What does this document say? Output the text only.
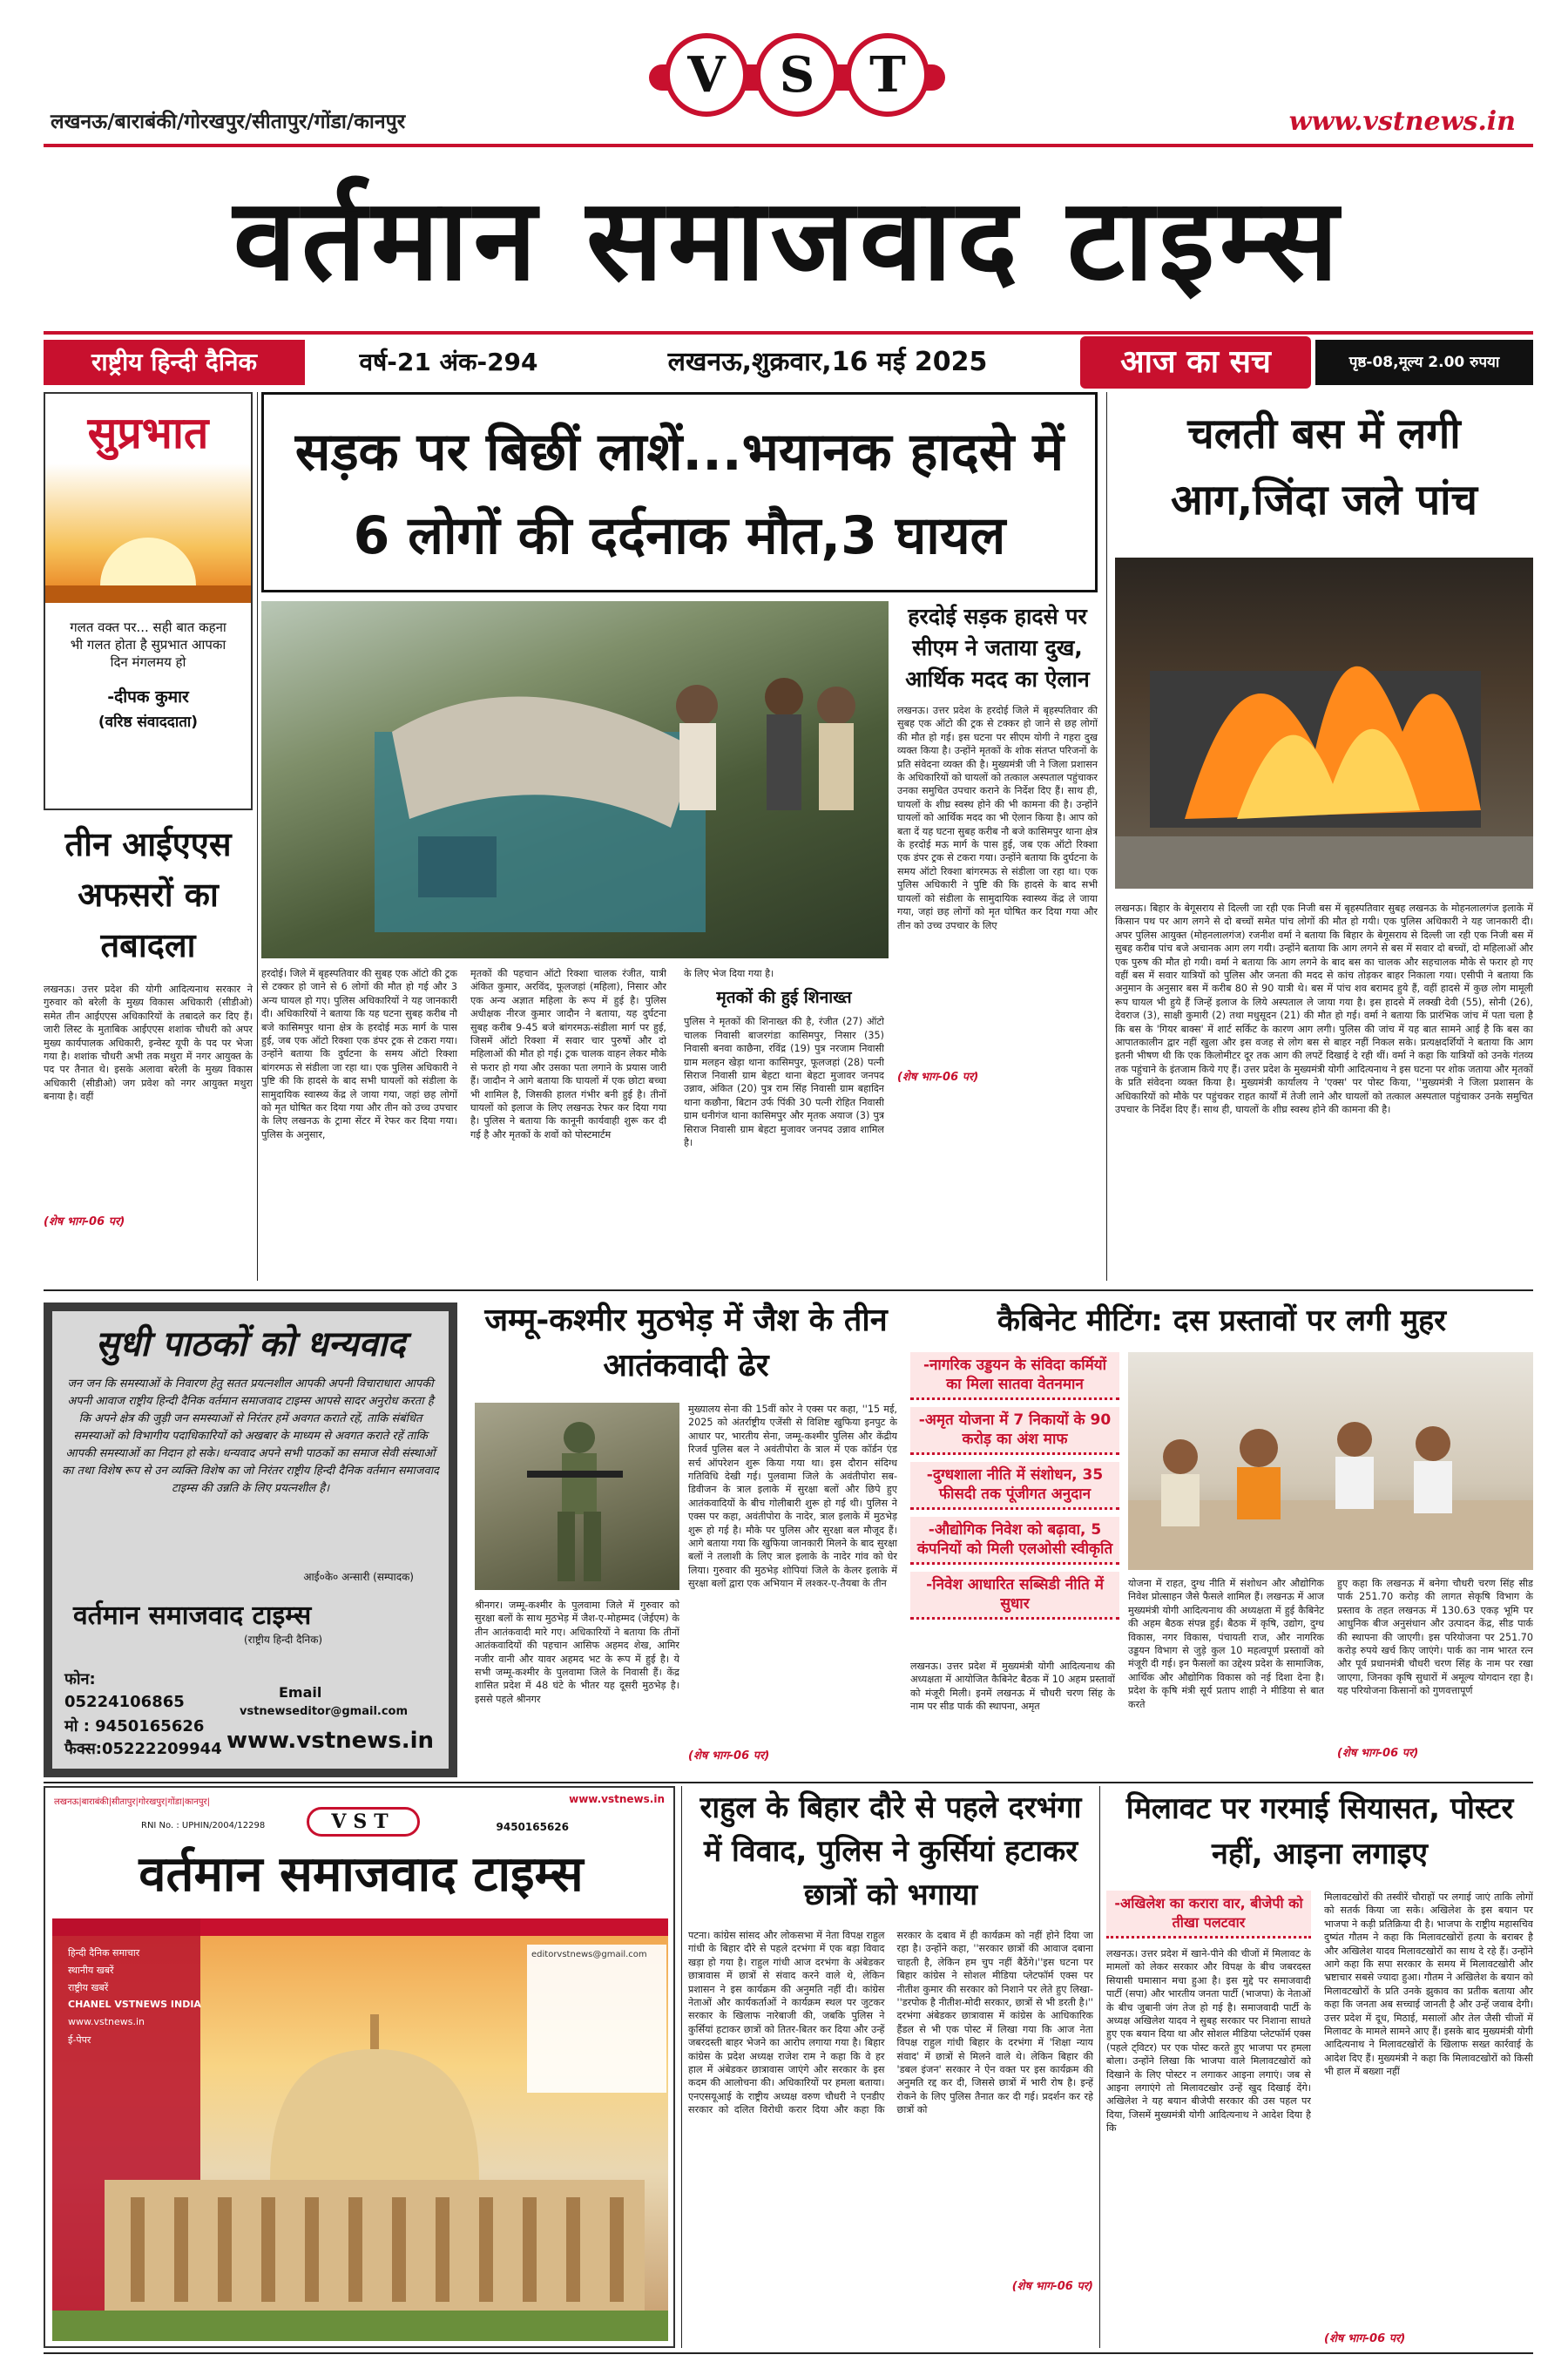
V	S	T
लखनऊ/बाराबंकी/गोरखपुर/सीतापुर/गोंडा/कानपुर	www.vstnews.in
वर्तमान समाजवाद टाइम्स
राष्ट्रीय हिन्दी दैनिक	वर्ष-21 अंक-294	लखनऊ,शुक्रवार,16 मई 2025	आज का सच	पृष्ठ-08,मूल्य 2.00 रुपया
सुप्रभात
गलत वक्त पर... सही बात कहना भी गलत होता है सुप्रभात आपका दिन मंगलमय हो
-दीपक कुमार
(वरिष्ठ संवाददाता)
तीन आईएएस अफसरों का तबादला
लखनऊ। उत्तर प्रदेश की योगी आदित्यनाथ सरकार ने गुरुवार को बरेली के मुख्य विकास अधिकारी (सीडीओ) समेत तीन आईएएस अधिकारियों के तबादले कर दिए हैं। जारी लिस्ट के मुताबिक आईएएस शशांक चौधरी को अपर मुख्य कार्यपालक अधिकारी, इन्वेस्ट यूपी के पद पर भेजा गया है। शशांक चौधरी अभी तक मथुरा में नगर आयुक्त के पद पर तैनात थे। इसके अलावा बरेली के मुख्य विकास अधिकारी (सीडीओ) जग प्रवेश को नगर आयुक्त मथुरा बनाया है। वहीं
(शेष भाग-06 पर)
सड़क पर बिछीं लाशें...भयानक हादसे में 6 लोगों की दर्दनाक मौत,3 घायल
हरदोई सड़क हादसे पर सीएम ने जताया दुख, आर्थिक मदद का ऐलान
लखनऊ। उत्तर प्रदेश के हरदोई जिले में बृहस्पतिवार की सुबह एक ऑटो की ट्रक से टक्कर हो जाने से छह लोगों की मौत हो गई। इस घटना पर सीएम योगी ने गहरा दुख व्यक्त किया है। उन्होंने मृतकों के शोक संतप्त परिजनों के प्रति संवेदना व्यक्त की है। मुख्यमंत्री जी ने जिला प्रशासन के अधिकारियों को घायलों को तत्काल अस्पताल पहुंचाकर उनका समुचित उपचार कराने के निर्देश दिए हैं। साथ ही, घायलों के शीघ्र स्वस्थ होने की भी कामना की है। उन्होंने घायलों को आर्थिक मदद का भी ऐलान किया है। आप को बता दें यह घटना सुबह करीब नौ बजे कासिमपुर थाना क्षेत्र के हरदोई मऊ मार्ग के पास हुई, जब एक ऑटो रिक्शा एक डंपर ट्रक से टकरा गया। उन्होंने बताया कि दुर्घटना के समय ऑटो रिक्शा बांगरमऊ से संडीला जा रहा था। एक पुलिस अधिकारी ने पुष्टि की कि हादसे के बाद सभी घायलों को संडीला के सामुदायिक स्वास्थ्य केंद्र ले जाया गया, जहां छह लोगों को मृत घोषित कर दिया गया और तीन को उच्च उपचार के लिए
(शेष भाग-06 पर)
हरदोई। जिले में बृहस्पतिवार की सुबह एक ऑटो की ट्रक से टक्कर हो जाने से 6 लोगों की मौत हो गई और 3 अन्य घायल हो गए। पुलिस अधिकारियों ने यह जानकारी दी। अधिकारियों ने बताया कि यह घटना सुबह करीब नौ बजे कासिमपुर थाना क्षेत्र के हरदोई मऊ मार्ग के पास हुई, जब एक ऑटो रिक्शा एक डंपर ट्रक से टकरा गया। उन्होंने बताया कि दुर्घटना के समय ऑटो रिक्शा बांगरमऊ से संडीला जा रहा था। एक पुलिस अधिकारी ने पुष्टि की कि हादसे के बाद सभी घायलों को संडीला के सामुदायिक स्वास्थ्य केंद्र ले जाया गया, जहां छह लोगों को मृत घोषित कर दिया गया और तीन को उच्च उपचार के लिए लखनऊ के ट्रामा सेंटर में रेफर कर दिया गया। पुलिस के अनुसार,
मृतकों की पहचान ऑटो रिक्शा चालक रंजीत, यात्री अंकित कुमार, अरविंद, फूलजहां (महिला), निसार और एक अन्य अज्ञात महिला के रूप में हुई है। पुलिस अधीक्षक नीरज कुमार जादौन ने बताया, यह दुर्घटना सुबह करीब 9-45 बजे बांगरमऊ-संडीला मार्ग पर हुई, जिसमें ऑटो रिक्शा में सवार चार पुरुषों और दो महिलाओं की मौत हो गई। ट्रक चालक वाहन लेकर मौके से फरार हो गया और उसका पता लगाने के प्रयास जारी हैं। जादौन ने आगे बताया कि घायलों में एक छोटा बच्चा भी शामिल है, जिसकी हालत गंभीर बनी हुई है। तीनों घायलों को इलाज के लिए लखनऊ रेफर कर दिया गया है। पुलिस ने बताया कि कानूनी कार्यवाही शुरू कर दी गई है और मृतकों के शवों को पोस्टमार्टम
के लिए भेज दिया गया है।
मृतकों की हुई शिनाख्त
पुलिस ने मृतकों की शिनाख्त की है, रंजीत (27) ऑटो चालक निवासी बाजरगंडा कासिमपुर, निसार (35) निवासी बनवा काछैना, रविंद्र (19) पुत्र नरजाम निवासी ग्राम मलहन खेड़ा थाना कासिमपुर, फूलजहां (28) पत्नी सिराज निवासी ग्राम बेहटा थाना बेहटा मुजावर जनपद उन्नाव, अंकित (20) पुत्र राम सिंह निवासी ग्राम बहादिन थाना कछौना, बिटान उर्फ पिंकी 30 पत्नी रोहित निवासी ग्राम धनीगंज थाना कासिमपुर और मृतक अयाज (3) पुत्र सिराज निवासी ग्राम बेहटा मुजावर जनपद उन्नाव शामिल है।
चलती बस में लगी आग,जिंदा जले पांच
लखनऊ। बिहार के बेगूसराय से दिल्ली जा रही एक निजी बस में बृहस्पतिवार सुबह लखनऊ के मोहनलालगंज इलाके में किसान पथ पर आग लगने से दो बच्चों समेत पांच लोगों की मौत हो गयी। एक पुलिस अधिकारी ने यह जानकारी दी। अपर पुलिस आयुक्त (मोहनलालगंज) रजनीश वर्मा ने बताया कि बिहार के बेगूसराय से दिल्ली जा रही एक निजी बस में सुबह करीब पांच बजे अचानक आग लग गयी। उन्होंने बताया कि आग लगने से बस में सवार दो बच्चों, दो महिलाओं और एक पुरुष की मौत हो गयी। वर्मा ने बताया कि आग लगने के बाद बस का चालक और सहचालक मौके से फरार हो गए वहीं बस में सवार यात्रियों को पुलिस और जनता की मदद से कांच तोड़कर बाहर निकाला गया। एसीपी ने बताया कि अनुमान के अनुसार बस में करीब 80 से 90 यात्री थे। बस में पांच शव बरामद हुये हैं, वहीं हादसे में कुछ लोग मामूली रूप घायल भी हुये हैं जिन्हें इलाज के लिये अस्पताल ले जाया गया है। इस हादसे में लक्खी देवी (55), सोनी (26), देवराज (3), साक्षी कुमारी (2) तथा मधुसूदन (21) की मौत हो गई। वर्मा ने बताया कि प्रारंभिक जांच में पता चला है कि बस के 'गियर बाक्स' में शार्ट सर्किट के कारण आग लगी। पुलिस की जांच में यह बात सामने आई है कि बस का आपातकालीन द्वार नहीं खुला और इस वजह से लोग बस से बाहर नहीं निकल सके। प्रत्यक्षदर्शियों ने बताया कि आग इतनी भीषण थी कि एक किलोमीटर दूर तक आग की लपटें दिखाई दे रही थीं। वर्मा ने कहा कि यात्रियों को उनके गंतव्य तक पहुंचाने के इंतजाम किये गए हैं। उत्तर प्रदेश के मुख्यमंत्री योगी आदित्यनाथ ने इस घटना पर शोक जताया और मृतकों के प्रति संवेदना व्यक्त किया है। मुख्यमंत्री कार्यालय ने 'एक्स' पर पोस्ट किया, ''मुख्यमंत्री ने जिला प्रशासन के अधिकारियों को मौके पर पहुंचकर राहत कार्यों में तेजी लाने और घायलों को तत्काल अस्पताल पहुंचाकर उनके समुचित उपचार के निर्देश दिए हैं। साथ ही, घायलों के शीघ्र स्वस्थ होने की कामना की है।
सुधी पाठकों को धन्यवाद
जन जन कि समस्याओं के निवारण हेतु सतत प्रयत्नशील आपकी अपनी विचाराधारा आपकी अपनी आवाज राष्ट्रीय हिन्दी दैनिक वर्तमान समाजवाद टाइम्स आपसे सादर अनुरोध करता है कि अपने क्षेत्र की जुड़ी जन समस्याओं से निरंतर हमें अवगत कराते रहें, ताकि संबंधित समस्याओं को विभागीय पदाधिकारियों को अखबार के माध्यम से अवगत कराते रहें ताकि आपकी समस्याओं का निदान हो सके। धन्यवाद अपने सभी पाठकों का समाज सेवी संस्थाओं का तथा विशेष रूप से उन व्यक्ति विशेष का जो निरंतर राष्ट्रीय हिन्दी दैनिक वर्तमान समाजवाद टाइम्स की उन्नति के लिए प्रयत्नशील है।
आई०के० अन्सारी (सम्पादक)
वर्तमान समाजवाद टाइम्स
(राष्ट्रीय हिन्दी दैनिक)
फोन:
05224106865
मो : 9450165626
फैक्स:05222209944
Email
vstnewseditor@gmail.com
www.vstnews.in
जम्मू-कश्मीर मुठभेड़ में जैश के तीन आतंकवादी ढेर
मुख्यालय सेना की 15वीं कोर ने एक्स पर कहा, ''15 मई, 2025 को अंतर्राष्ट्रीय एजेंसी से विशिष्ट खुफिया इनपुट के आधार पर, भारतीय सेना, जम्मू-कश्मीर पुलिस और केंद्रीय रिजर्व पुलिस बल ने अवंतीपोरा के त्राल में एक कॉर्डन एंड सर्च ऑपरेशन शुरू किया गया था। इस दौरान संदिग्ध गतिविधि देखी गई। पुलवामा जिले के अवंतीपोरा सब-डिवीजन के त्राल इलाके में सुरक्षा बलों और छिपे हुए आतंकवादियों के बीच गोलीबारी शुरू हो गई थी। पुलिस ने एक्स पर कहा, अवंतीपोरा के नादेर, त्राल इलाके में मुठभेड़ शुरू हो गई है। मौके पर पुलिस और सुरक्षा बल मौजूद हैं। आगे बताया गया कि खुफिया जानकारी मिलने के बाद सुरक्षा बलों ने तलाशी के लिए त्राल इलाके के नादेर गांव को घेर लिया। गुरुवार की मुठभेड़ शोपियां जिले के केलर इलाके में सुरक्षा बलों द्वारा एक अभियान में लश्कर-ए-तैयबा के तीन
श्रीनगर। जम्मू-कश्मीर के पुलवामा जिले में गुरुवार को सुरक्षा बलों के साथ मुठभेड़ में जैश-ए-मोहम्मद (जेईएम) के तीन आतंकवादी मारे गए। अधिकारियों ने बताया कि तीनों आतंकवादियों की पहचान आसिफ अहमद शेख, आमिर नजीर वानी और यावर अहमद भट के रूप में हुई है। ये सभी जम्मू-कश्मीर के पुलवामा जिले के निवासी हैं। केंद्र शासित प्रदेश में 48 घंटे के भीतर यह दूसरी मुठभेड़ है। इससे पहले श्रीनगर
(शेष भाग-06 पर)
कैबिनेट मीटिंग: दस प्रस्तावों पर लगी मुहर
-नागरिक उड्डयन के संविदा कर्मियों का मिला सातवा वेतनमान
-अमृत योजना में 7 निकायों के 90 करोड़ का अंश माफ
-दुग्धशाला नीति में संशोधन, 35 फीसदी तक पूंजीगत अनुदान
-औद्योगिक निवेश को बढ़ावा, 5 कंपनियों को मिली एलओसी स्वीकृति
-निवेश आधारित सब्सिडी नीति में सुधार
लखनऊ। उत्तर प्रदेश में मुख्यमंत्री योगी आदित्यनाथ की अध्यक्षता में आयोजित कैबिनेट बैठक में 10 अहम प्रस्तावों को मंजूरी मिली। इनमें लखनऊ में चौधरी चरण सिंह के नाम पर सीड पार्क की स्थापना, अमृत
योजना में राहत, दुग्ध नीति में संशोधन और औद्योगिक निवेश प्रोत्साहन जैसे फैसले शामिल हैं। लखनऊ में आज मुख्यमंत्री योगी आदित्यनाथ की अध्यक्षता में हुई कैबिनेट की अहम बैठक संपन्न हुई। बैठक में कृषि, उद्योग, दुग्ध विकास, नगर विकास, पंचायती राज, और नागरिक उड्डयन विभाग से जुड़े कुल 10 महत्वपूर्ण प्रस्तावों को मंजूरी दी गई। इन फैसलों का उद्देश्य प्रदेश के सामाजिक, आर्थिक और औद्योगिक विकास को नई दिशा देना है।प्रदेश के कृषि मंत्री सूर्य प्रताप शाही ने मीडिया से बात करते
हुए कहा कि लखनऊ में बनेगा चौधरी चरण सिंह सीड पार्क 251.70 करोड़ की लागत सेकृषि विभाग के प्रस्ताव के तहत लखनऊ में 130.63 एकड़ भूमि पर आधुनिक बीज अनुसंधान और उत्पादन केंद्र, सीड पार्क की स्थापना की जाएगी। इस परियोजना पर 251.70 करोड़ रुपये खर्च किए जाएंगे। पार्क का नाम भारत रत्न और पूर्व प्रधानमंत्री चौधरी चरण सिंह के नाम पर रखा जाएगा, जिनका कृषि सुधारों में अमूल्य योगदान रहा है। यह परियोजना किसानों को गुणवत्तापूर्ण
(शेष भाग-06 पर)
लखनऊ|बाराबंकी|सीतापुर|गोरखपुर|गोंडा|कानपुर|	www.vstnews.in
VST
RNI No. : UPHIN/2004/12298	9450165626
वर्तमान समाजवाद टाइम्स
हिन्दी दैनिक समाचार
स्थानीय खबरें
राष्ट्रीय खबरें
CHANEL VSTNEWS INDIA
www.vstnews.in
ई-पेपर
editorvstnews@gmail.com
राहुल के बिहार दौरे से पहले दरभंगा में विवाद, पुलिस ने कुर्सियां हटाकर छात्रों को भगाया
पटना। कांग्रेस सांसद और लोकसभा में नेता विपक्ष राहुल गांधी के बिहार दौरे से पहले दरभंगा में एक बड़ा विवाद खड़ा हो गया है। राहुल गांधी आज दरभंगा के अंबेडकर छात्रावास में छात्रों से संवाद करने वाले थे, लेकिन प्रशासन ने इस कार्यक्रम की अनुमति नहीं दी। कांग्रेस नेताओं और कार्यकर्ताओं ने कार्यक्रम स्थल पर जुटकर सरकार के खिलाफ नारेबाजी की, जबकि पुलिस ने कुर्सियां हटाकर छात्रों को तितर-बितर कर दिया और उन्हें जबरदस्ती बाहर भेजने का आरोप लगाया गया है। बिहार कांग्रेस के प्रदेश अध्यक्ष राजेश राम ने कहा कि वे हर हाल में अंबेडकर छात्रावास जाएंगे और सरकार के इस कदम की आलोचना की। अधिकारियों पर हमला बताया। एनएसयूआई के राष्ट्रीय अध्यक्ष वरुण चौधरी ने एनडीए सरकार को दलित विरोधी करार दिया और कहा कि सरकार के दबाव में ही कार्यक्रम को नहीं होने दिया जा रहा है। उन्होंने कहा, ''सरकार छात्रों की आवाज दबाना चाहती है, लेकिन हम चुप नहीं बैठेंगे।''इस घटना पर बिहार कांग्रेस ने सोशल मीडिया प्लेटफॉर्म एक्स पर नीतीश कुमार की सरकार को निशाने पर लेते हुए लिखा- ''डरपोक है नीतीश-मोदी सरकार, छात्रों से भी डरती है।'' दरभंगा अंबेडकर छात्रावास में कांग्रेस के आधिकारिक हैंडल से भी एक पोस्ट में लिखा गया कि आज नेता विपक्ष राहुल गांधी बिहार के दरभंगा में 'शिक्षा न्याय संवाद' में छात्रों से मिलने वाले थे। लेकिन बिहार की 'डबल इंजन' सरकार ने ऐन वक्त पर इस कार्यक्रम की अनुमति रद्द कर दी, जिससे छात्रों में भारी रोष है। इन्हें रोकने के लिए पुलिस तैनात कर दी गई। प्रदर्शन कर रहे छात्रों को
(शेष भाग-06 पर)
मिलावट पर गरमाई सियासत, पोस्टर नहीं, आइना लगाइए
-अखिलेश का करारा वार, बीजेपी को तीखा पलटवार
लखनऊ। उत्तर प्रदेश में खाने-पीने की चीजों में मिलावट के मामलों को लेकर सरकार और विपक्ष के बीच जबरदस्त सियासी घमासान मचा हुआ है। इस मुद्दे पर समाजवादी पार्टी (सपा) और भारतीय जनता पार्टी (भाजपा) के नेताओं के बीच जुबानी जंग तेज हो गई है। समाजवादी पार्टी के अध्यक्ष अखिलेश यादव ने सुबह सरकार पर निशाना साधते हुए एक बयान दिया था और सोशल मीडिया प्लेटफॉर्म एक्स (पहले ट्विटर) पर एक पोस्ट करते हुए भाजपा पर हमला बोला। उन्होंने लिखा कि भाजपा वाले मिलावटखोरों को दिखाने के लिए पोस्टर न लगाकर आइना लगाएं। जब से आइना लगाएंगे तो मिलावटखोर उन्हें खुद दिखाई देंगे। अखिलेश ने यह बयान बीजेपी सरकार की उस पहल पर दिया, जिसमें मुख्यमंत्री योगी आदित्यनाथ ने आदेश दिया है कि
मिलावटखोरों की तस्वीरें चौराहों पर लगाई जाएं ताकि लोगों को सतर्क किया जा सके। अखिलेश के इस बयान पर भाजपा ने कड़ी प्रतिक्रिया दी है। भाजपा के राष्ट्रीय महासचिव दुष्यंत गौतम ने कहा कि मिलावटखोरों हत्या के बराबर है और अखिलेश यादव मिलावटखोरों का साथ दे रहे हैं। उन्होंने आगे कहा कि सपा सरकार के समय में मिलावटखोरी और भ्रष्टाचार सबसे ज्यादा हुआ। गौतम ने अखिलेश के बयान को मिलावटखोरों के प्रति उनके झुकाव का प्रतीक बताया और कहा कि जनता अब सच्चाई जानती है और उन्हें जवाब देगी। उत्तर प्रदेश में दूध, मिठाई, मसालों और तेल जैसी चीजों में मिलावट के मामले सामने आए हैं। इसके बाद मुख्यमंत्री योगी आदित्यनाथ ने मिलावटखोरों के खिलाफ सख्त कार्रवाई के आदेश दिए हैं। मुख्यमंत्री ने कहा कि मिलावटखोरों को किसी भी हाल में बख्शा नहीं
(शेष भाग-06 पर)
